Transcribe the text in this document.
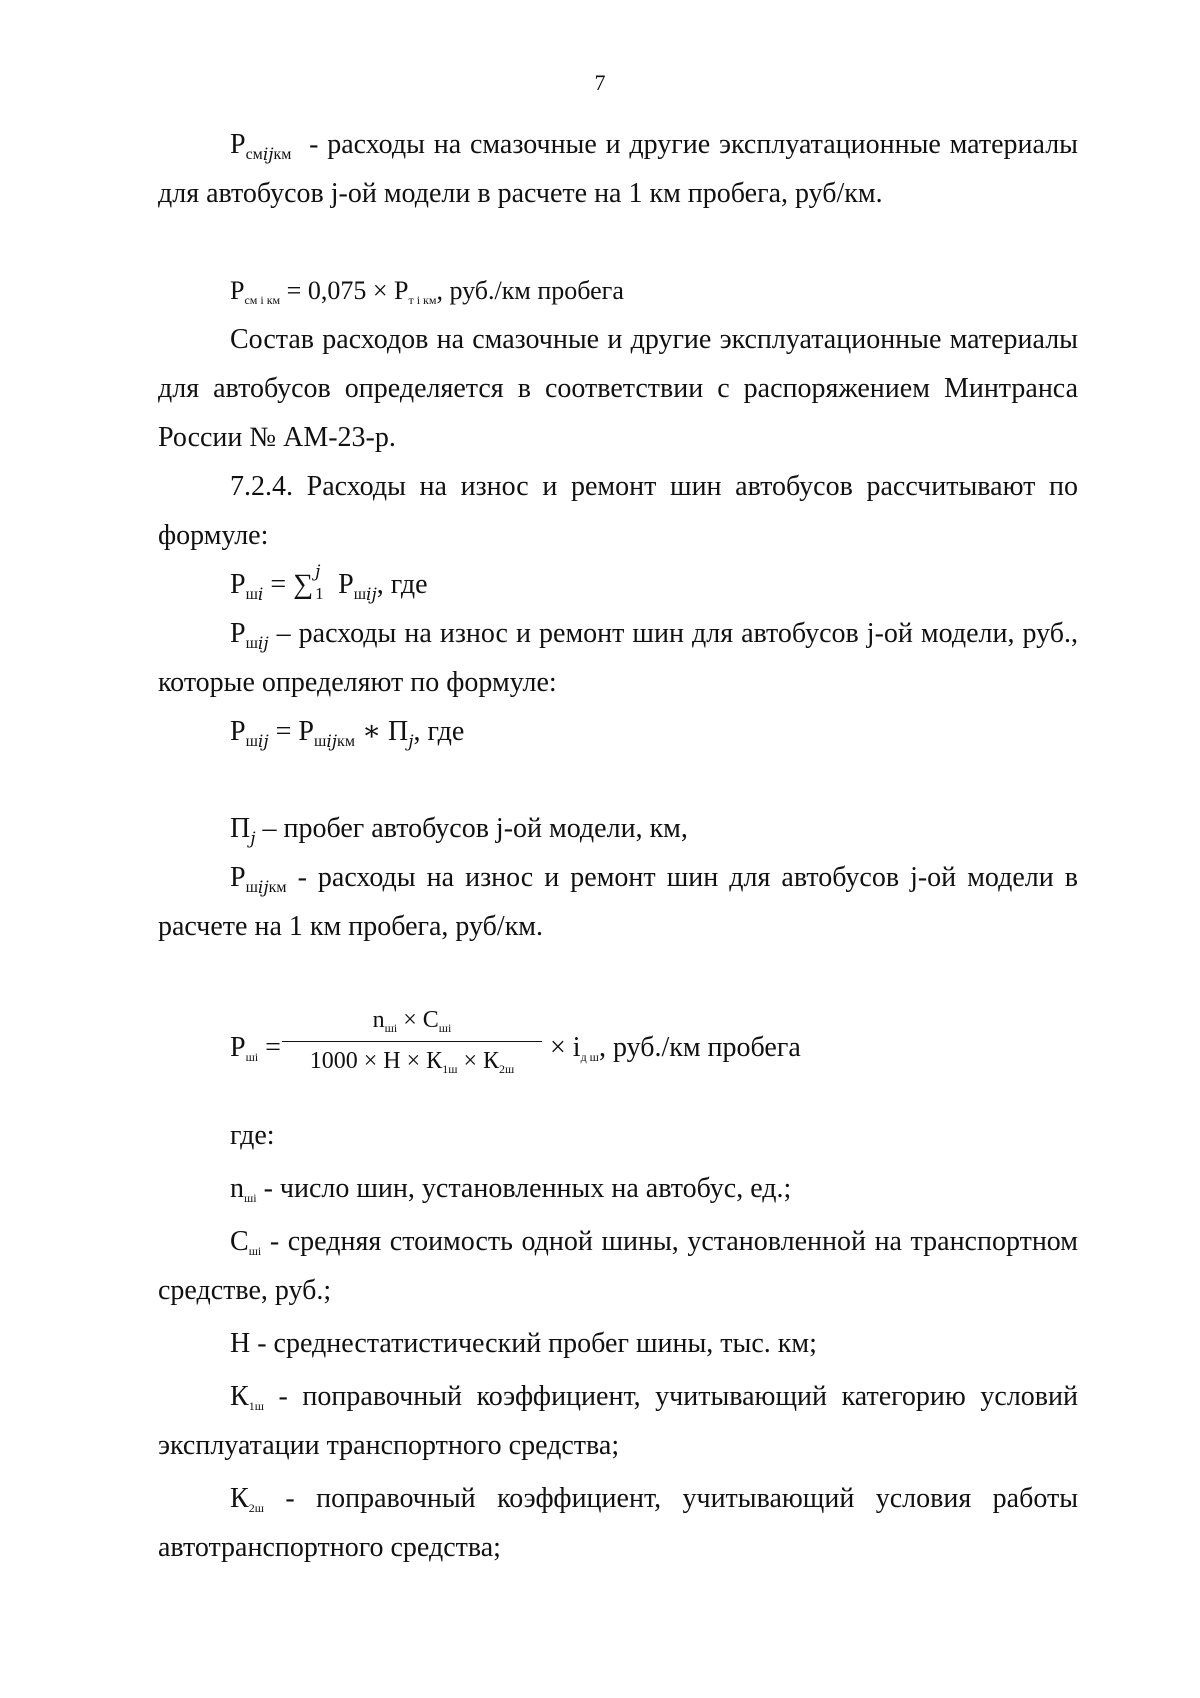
7

$Р_{смijкм}$ - расходы на смазочные и другие эксплуатационные материалы для автобусов j-ой модели в расчете на 1 км пробега, руб/км.

Рсм i км = 0,075 × Рт i км, руб./км пробега

Состав расходов на смазочные и другие эксплуатационные материалы для автобусов определяется в соответствии с распоряжением Минтранса России № АМ-23-р.

7.2.4. Расходы на износ и ремонт шин автобусов рассчитывают по формуле:

$Р_{шi}$ = ∑ j
1 $Р_{шij}$, где

$Р_{шij}$ – расходы на износ и ремонт шин для автобусов j-ой модели, руб., которые определяют по формуле:

$Р_{шij} = Р_{шijкм}$ ∗ $П_j$, где

$П_j$ – пробег автобусов j-ой модели, км,

$Р_{шijкм}$ - расходы на износ и ремонт шин для автобусов j-ой модели в расчете на 1 км пробега, руб/км.

Ршi =
$n_{шi} \times С_{шi}$
$1000 \times Н \times К_{1ш} \times К_{2ш}$
× iд ш, руб./км пробега

где:

nшi - число шин, установленных на автобус, ед.;

Сшi - средняя стоимость одной шины, установленной на транспортном средстве, руб.;

Н - среднестатистический пробег шины, тыс. км;

К1ш - поправочный коэффициент, учитывающий категорию условий эксплуатации транспортного средства;

К2ш - поправочный коэффициент, учитывающий условия работы автотранспортного средства;
